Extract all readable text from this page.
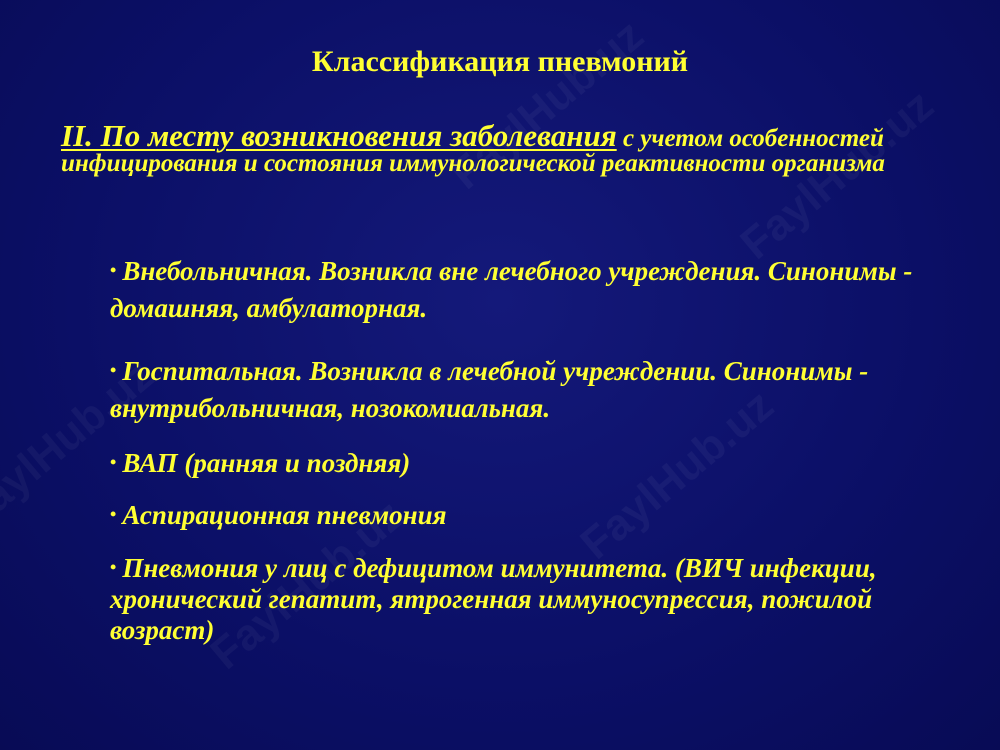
Классификация пневмоний
II. По месту возникновения заболевания с учетом особенностей инфицирования и состояния иммунологической реактивности организма
• Внебольничная. Возникла вне лечебного учреждения. Синонимы - домашняя, амбулаторная.
• Госпитальная. Возникла в лечебной учреждении. Синонимы - внутрибольничная, нозокомиальная.
• ВАП (ранняя и поздняя)
• Аспирационная пневмония
• Пневмония у лиц с дефицитом иммунитета. (ВИЧ инфекции, хронический гепатит, ятрогенная иммуносупрессия, пожилой возраст)
